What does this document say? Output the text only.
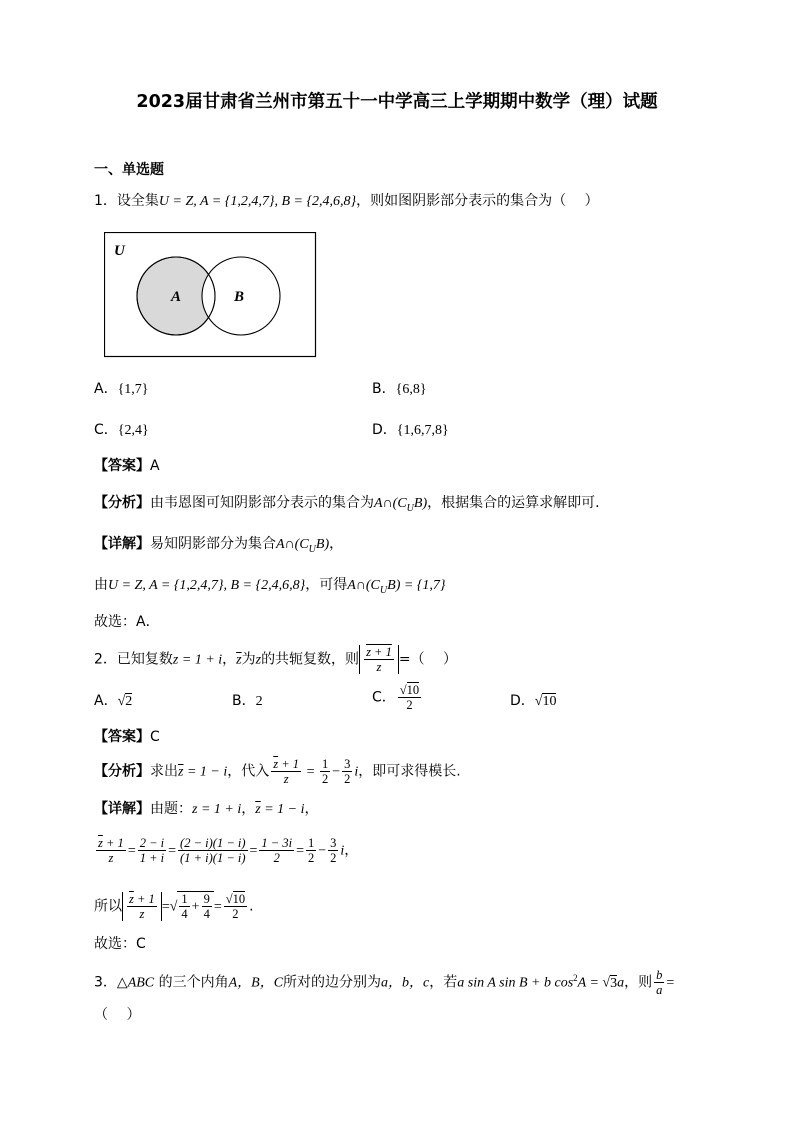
2023届甘肃省兰州市第五十一中学高三上学期期中数学（理）试题
一、单选题
1．设全集U = Z, A = {1,2,4,7}, B = {2,4,6,8}，则如图阴影部分表示的集合为（　 ）
U
A	B
A．{1,7}	B．{6,8}
C．{2,4}	D．{1,6,7,8}
【答案】A
【分析】由韦恩图可知阴影部分表示的集合为$A\cap(C_UB)$，根据集合的运算求解即可.
【详解】易知阴影部分为集合$A\cap(C_UB)$，
由U = Z, A = {1,2,4,7}, B = {2,4,6,8}，可得$A\cap(C_UB) = \{1,7\}$
故选：A．
2．已知复数z = 1 + i，$\overline{z}$为z的共轭复数，则 $\frac{z + 1}{z}$ =（　 ）
A．√2	B．2	C． $\frac{√10}{2}$	D．√10
【答案】C
【分析】求出$\overline{z} = 1 - i$，代入 $\frac{\overline{z} + 1}{z} = \frac{1}{2} - \frac{3}{2}$ i，即可求得模长.
【详解】由题：z = 1 + i，$\overline{z} = 1 - i$，
$\frac{\overline{z} + 1}{z} = \frac{2 - i}{1 + i} = \frac{(2 - i)(1 - i)}{(1 + i)(1 - i)} = \frac{1 - 3i}{2} = \frac{1}{2} - \frac{3}{2}$ i，
所以 $\frac{\overline{z} + 1}{z}$ =√ $\frac{1}{4} + \frac{9}{4} = \frac{√10}{2}$ .
故选：C
3．△ABC 的三个内角A，B，C所对的边分别为a，b，c，若a sin A sin B + b $\cos^2A = √3a$，则 $\frac{b}{a}$ =
（　 ）
